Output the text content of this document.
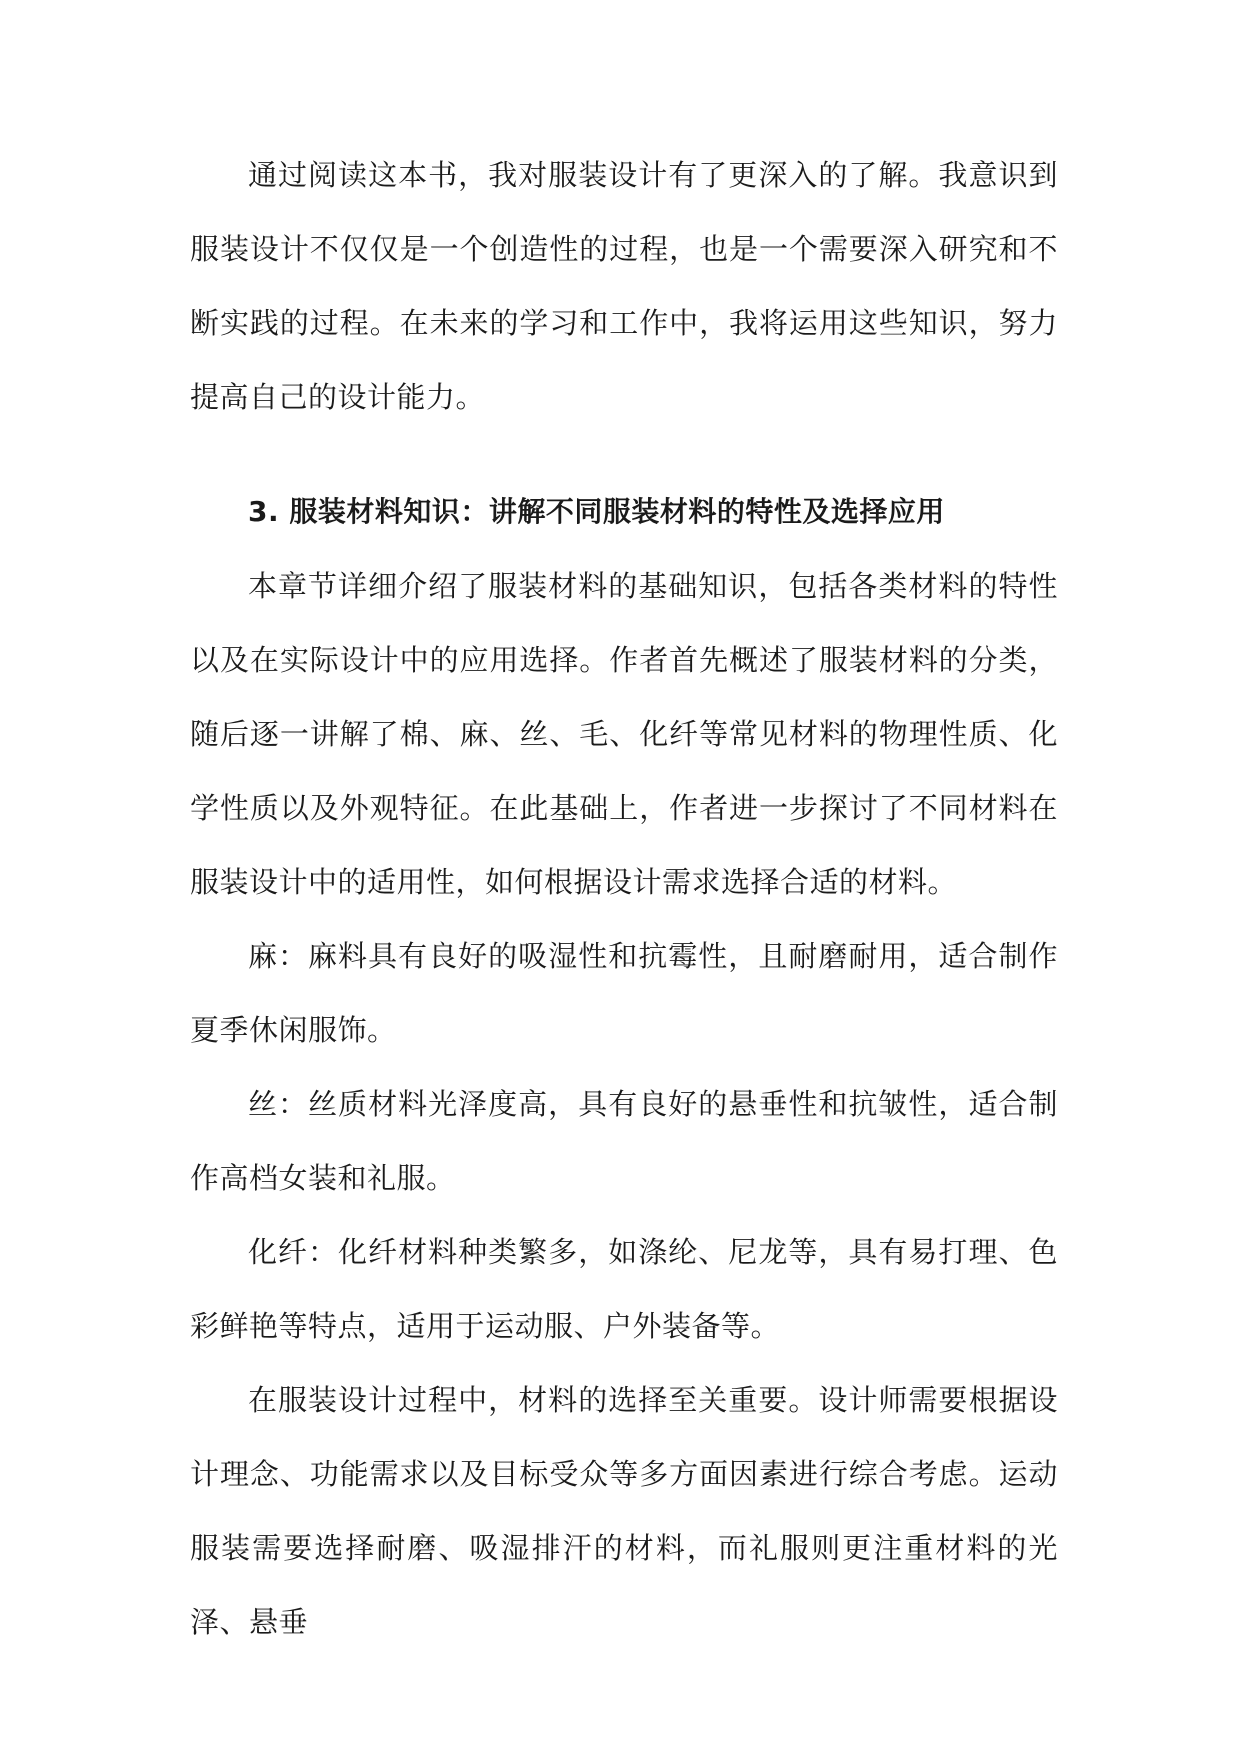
通过阅读这本书，我对服装设计有了更深入的了解。我意识到服装设计不仅仅是一个创造性的过程，也是一个需要深入研究和不断实践的过程。在未来的学习和工作中，我将运用这些知识，努力提高自己的设计能力。

3. 服装材料知识：讲解不同服装材料的特性及选择应用

本章节详细介绍了服装材料的基础知识，包括各类材料的特性以及在实际设计中的应用选择。作者首先概述了服装材料的分类，随后逐一讲解了棉、麻、丝、毛、化纤等常见材料的物理性质、化学性质以及外观特征。在此基础上，作者进一步探讨了不同材料在服装设计中的适用性，如何根据设计需求选择合适的材料。

麻：麻料具有良好的吸湿性和抗霉性，且耐磨耐用，适合制作夏季休闲服饰。

丝：丝质材料光泽度高，具有良好的悬垂性和抗皱性，适合制作高档女装和礼服。

化纤：化纤材料种类繁多，如涤纶、尼龙等，具有易打理、色彩鲜艳等特点，适用于运动服、户外装备等。

在服装设计过程中，材料的选择至关重要。设计师需要根据设计理念、功能需求以及目标受众等多方面因素进行综合考虑。运动服装需要选择耐磨、吸湿排汗的材料，而礼服则更注重材料的光泽、悬垂
